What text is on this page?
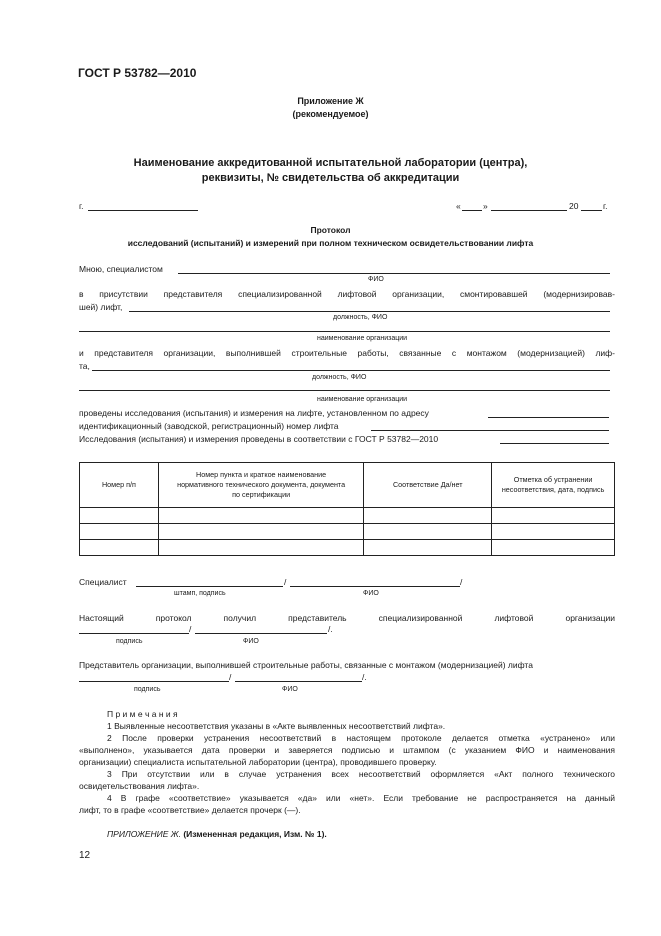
ГОСТ Р 53782—2010
Приложение Ж
(рекомендуемое)
Наименование аккредитованной испытательной лаборатории (центра),
реквизиты, № свидетельства об аккредитации
г.	«	»	20	г.
Протокол
исследований (испытаний) и измерений при полном техническом освидетельствовании лифта
Мною, специалистом
ФИО
в присутствии представителя специализированной лифтовой организации, смонтировавшей (модернизировав-
шей) лифт,
должность, ФИО
наименование организации
и представителя организации, выполнившей строительные работы, связанные с монтажом (модернизацией) лиф-
та,
должность, ФИО
наименование организации
проведены исследования (испытания) и измерения на лифте, установленном по адресу
идентификационный (заводской, регистрационный) номер лифта
Исследования (испытания) и измерения проведены в соответствии с ГОСТ Р 53782—2010
Номер п/п	Номер пункта и краткое наименование нормативного технического документа, документа по сертификации	Соответствие Да/нет	Отметка об устранении несоответствия, дата, подпись

Специалист	/	/
штамп, подпись	ФИО
Настоящий протокол получил представитель специализированной лифтовой организации
/	/.
подпись	ФИО
Представитель организации, выполнившей строительные работы, связанные с монтажом (модернизацией) лифта
/	/.
подпись	ФИО
П р и м е ч а н и я
1 Выявленные несоответствия указаны в «Акте выявленных несоответствий лифта».
2 После проверки устранения несоответствий в настоящем протоколе делается отметка «устранено» или
«выполнено», указывается дата проверки и заверяется подписью и штампом (с указанием ФИО и наименования
организации) специалиста испытательной лаборатории (центра), проводившего проверку.
3 При отсутствии или в случае устранения всех несоответствий оформляется «Акт полного технического
освидетельствования лифта».
4 В графе «соответствие» указывается «да» или «нет». Если требование не распространяется на данный
лифт, то в графе «соответствие» делается прочерк (—).
ПРИЛОЖЕНИЕ Ж. (Измененная редакция, Изм. № 1).
12
